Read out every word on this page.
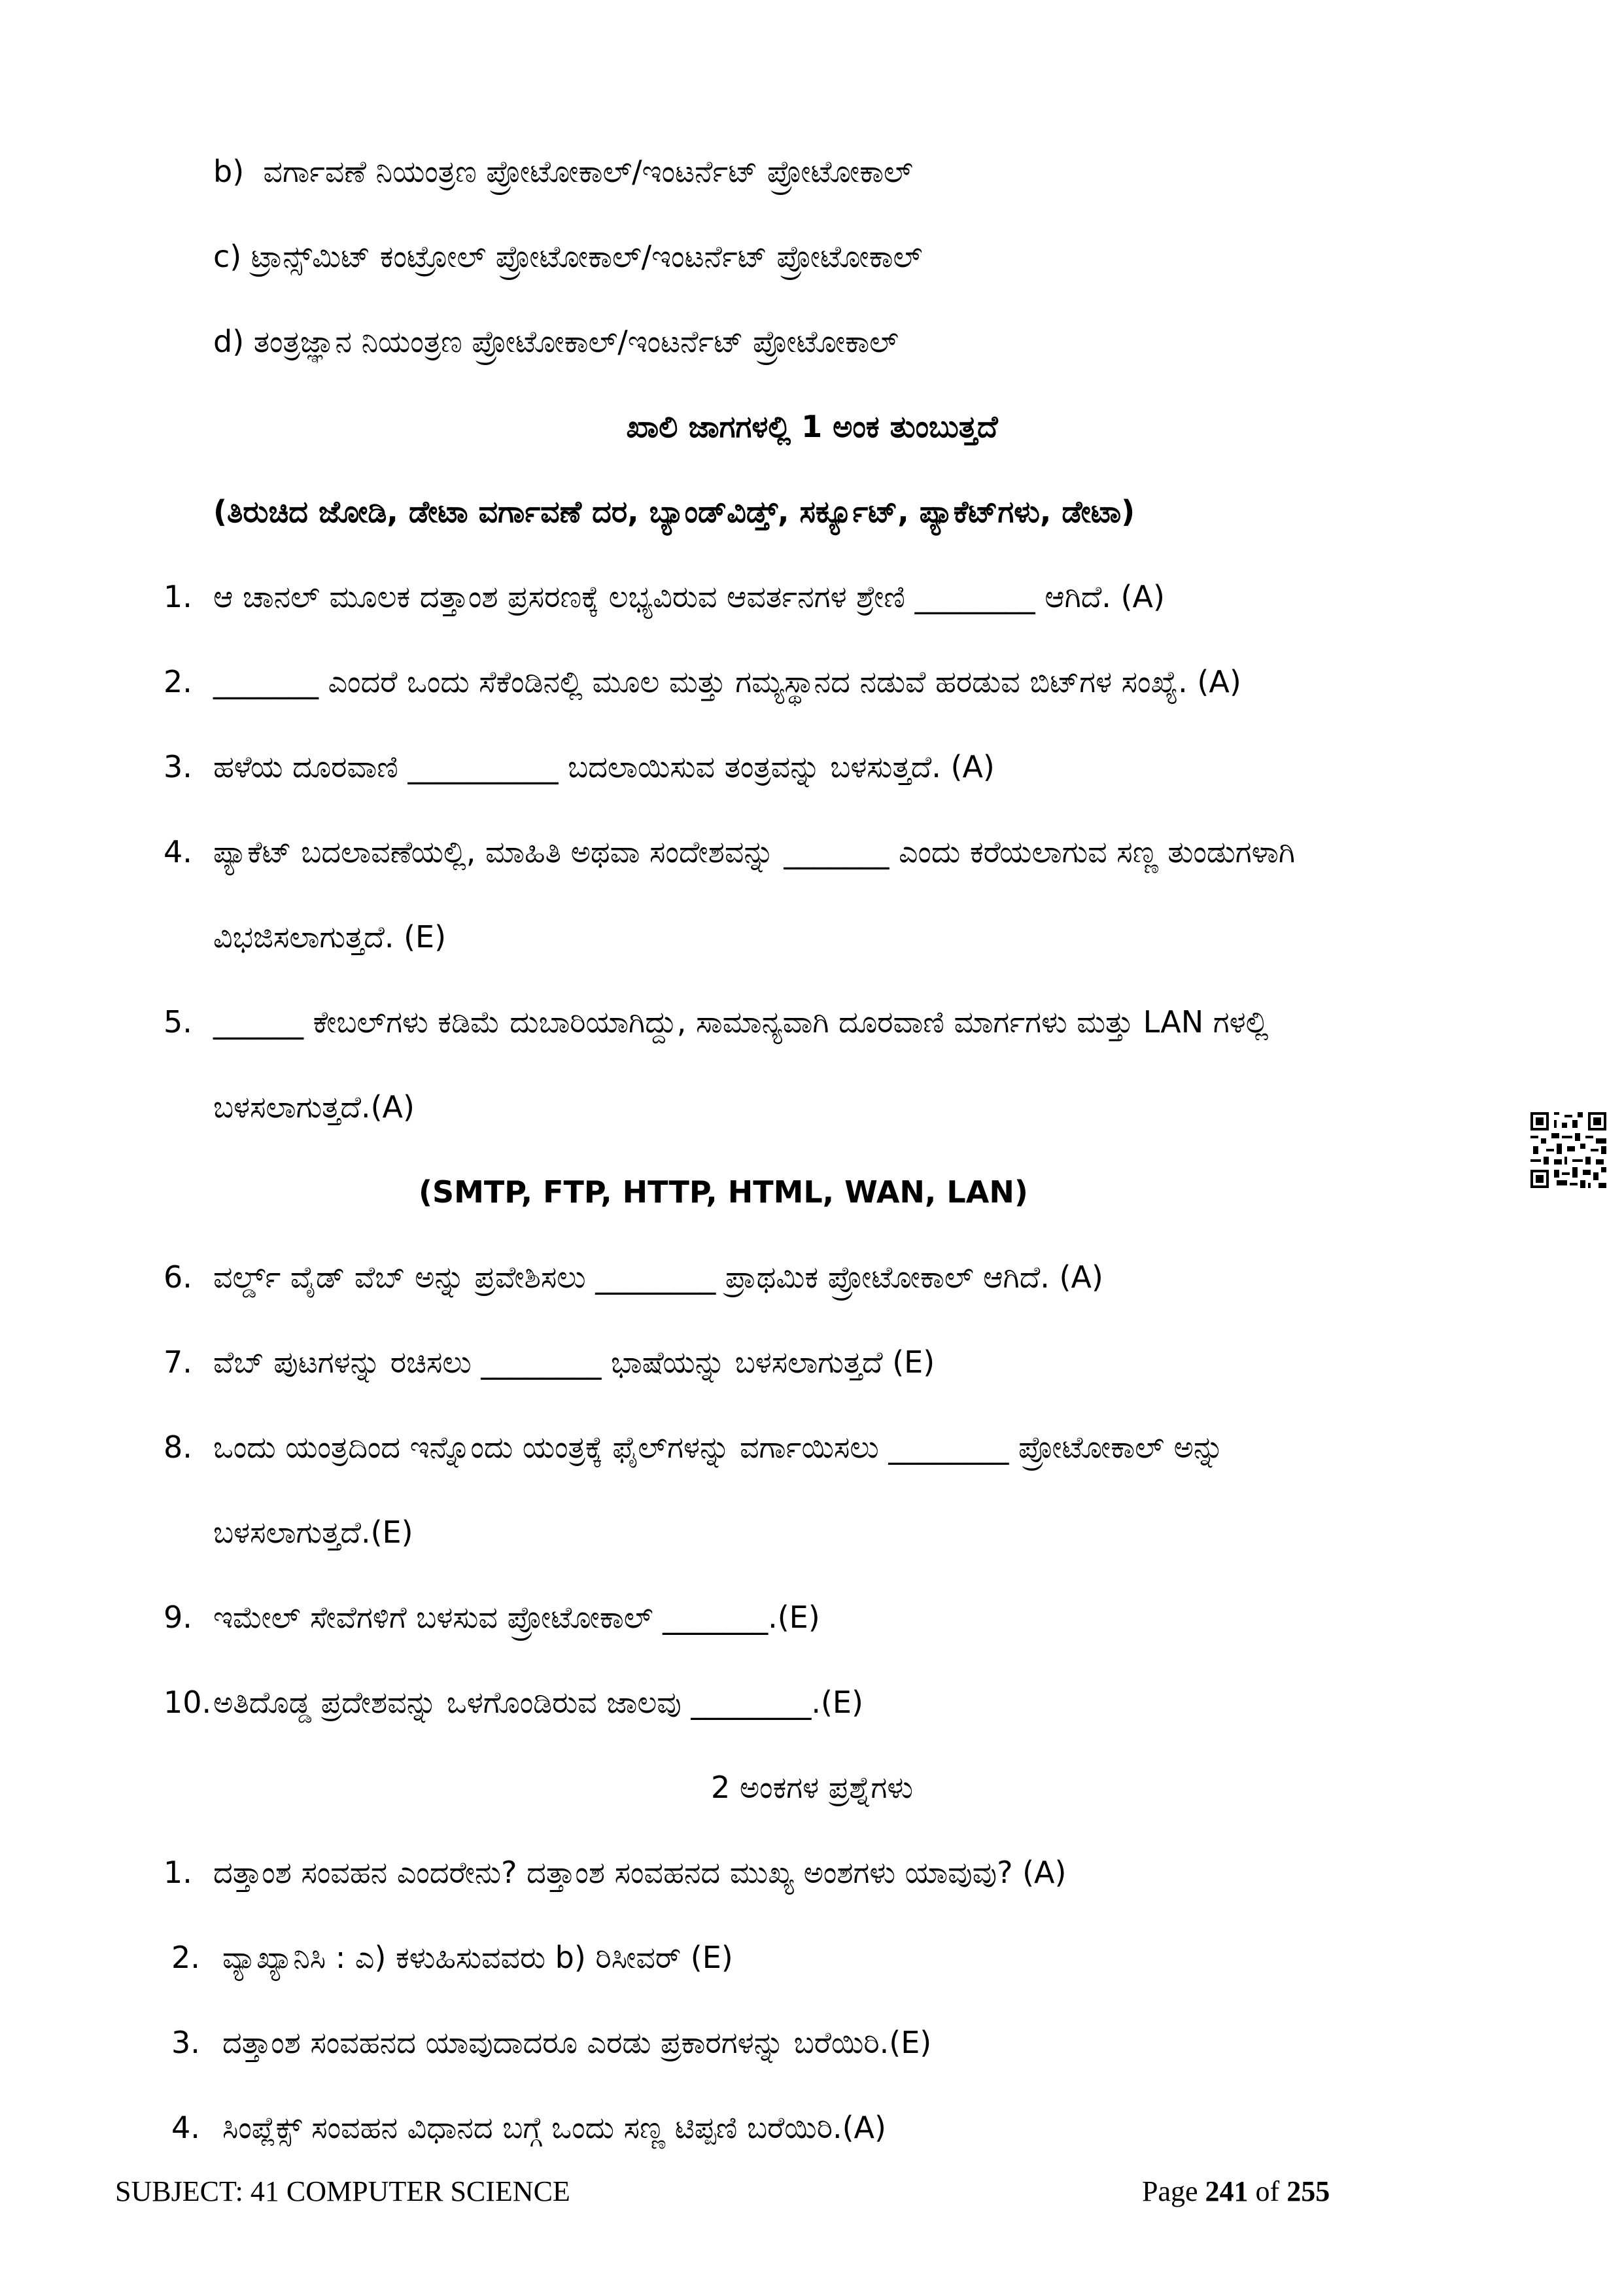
b) ವರ್ಗಾವಣೆ ನಿಯಂತ್ರಣ ಪ್ರೋಟೋಕಾಲ್/ಇಂಟರ್ನೆಟ್ ಪ್ರೋಟೋಕಾಲ್
c) ಟ್ರಾನ್ಸ್‌ಮಿಟ್ ಕಂಟ್ರೋಲ್ ಪ್ರೋಟೋಕಾಲ್/ಇಂಟರ್ನೆಟ್ ಪ್ರೋಟೋಕಾಲ್
d) ತಂತ್ರಜ್ಞಾನ ನಿಯಂತ್ರಣ ಪ್ರೋಟೋಕಾಲ್/ಇಂಟರ್ನೆಟ್ ಪ್ರೋಟೋಕಾಲ್
ಖಾಲಿ ಜಾಗಗಳಲ್ಲಿ 1 ಅಂಕ ತುಂಬುತ್ತದೆ
(ತಿರುಚಿದ ಜೋಡಿ, ಡೇಟಾ ವರ್ಗಾವಣೆ ದರ, ಬ್ಯಾಂಡ್‌ವಿಡ್ತ್, ಸರ್ಕ್ಯೂಟ್, ಪ್ಯಾಕೆಟ್‌ಗಳು, ಡೇಟಾ)
1. ಆ ಚಾನಲ್ ಮೂಲಕ ದತ್ತಾಂಶ ಪ್ರಸರಣಕ್ಕೆ ಲಭ್ಯವಿರುವ ಆವರ್ತನಗಳ ಶ್ರೇಣಿ ________ ಆಗಿದೆ. (A)
2. _______ ಎಂದರೆ ಒಂದು ಸೆಕೆಂಡಿನಲ್ಲಿ ಮೂಲ ಮತ್ತು ಗಮ್ಯಸ್ಥಾನದ ನಡುವೆ ಹರಡುವ ಬಿಟ್‌ಗಳ ಸಂಖ್ಯೆ. (A)
3. ಹಳೆಯ ದೂರವಾಣಿ __________ ಬದಲಾಯಿಸುವ ತಂತ್ರವನ್ನು ಬಳಸುತ್ತದೆ. (A)
4. ಪ್ಯಾಕೆಟ್ ಬದಲಾವಣೆಯಲ್ಲಿ, ಮಾಹಿತಿ ಅಥವಾ ಸಂದೇಶವನ್ನು _______ ಎಂದು ಕರೆಯಲಾಗುವ ಸಣ್ಣ ತುಂಡುಗಳಾಗಿ
ವಿಭಜಿಸಲಾಗುತ್ತದೆ. (E)
5. ______ ಕೇಬಲ್‌ಗಳು ಕಡಿಮೆ ದುಬಾರಿಯಾಗಿದ್ದು, ಸಾಮಾನ್ಯವಾಗಿ ದೂರವಾಣಿ ಮಾರ್ಗಗಳು ಮತ್ತು LAN ಗಳಲ್ಲಿ
ಬಳಸಲಾಗುತ್ತದೆ.(A)
(SMTP, FTP, HTTP, HTML, WAN, LAN)
6. ವರ್ಲ್ಡ್ ವೈಡ್ ವೆಬ್ ಅನ್ನು ಪ್ರವೇಶಿಸಲು ________ ಪ್ರಾಥಮಿಕ ಪ್ರೋಟೋಕಾಲ್ ಆಗಿದೆ. (A)
7. ವೆಬ್ ಪುಟಗಳನ್ನು ರಚಿಸಲು ________ ಭಾಷೆಯನ್ನು ಬಳಸಲಾಗುತ್ತದೆ (E)
8. ಒಂದು ಯಂತ್ರದಿಂದ ಇನ್ನೊಂದು ಯಂತ್ರಕ್ಕೆ ಫೈಲ್‌ಗಳನ್ನು ವರ್ಗಾಯಿಸಲು ________ ಪ್ರೋಟೋಕಾಲ್ ಅನ್ನು
ಬಳಸಲಾಗುತ್ತದೆ.(E)
9. ಇಮೇಲ್ ಸೇವೆಗಳಿಗೆ ಬಳಸುವ ಪ್ರೋಟೋಕಾಲ್ _______.(E)
10. ಅತಿದೊಡ್ಡ ಪ್ರದೇಶವನ್ನು ಒಳಗೊಂಡಿರುವ ಜಾಲವು ________.(E)
2 ಅಂಕಗಳ ಪ್ರಶ್ನೆಗಳು
1. ದತ್ತಾಂಶ ಸಂವಹನ ಎಂದರೇನು? ದತ್ತಾಂಶ ಸಂವಹನದ ಮುಖ್ಯ ಅಂಶಗಳು ಯಾವುವು? (A)
2. ವ್ಯಾಖ್ಯಾನಿಸಿ : ಎ) ಕಳುಹಿಸುವವರು b) ರಿಸೀವರ್ (E)
3. ದತ್ತಾಂಶ ಸಂವಹನದ ಯಾವುದಾದರೂ ಎರಡು ಪ್ರಕಾರಗಳನ್ನು ಬರೆಯಿರಿ.(E)
4. ಸಿಂಪ್ಲೆಕ್ಸ್ ಸಂವಹನ ವಿಧಾನದ ಬಗ್ಗೆ ಒಂದು ಸಣ್ಣ ಟಿಪ್ಪಣಿ ಬರೆಯಿರಿ.(A)
SUBJECT: 41 COMPUTER SCIENCE	Page 241 of 255
